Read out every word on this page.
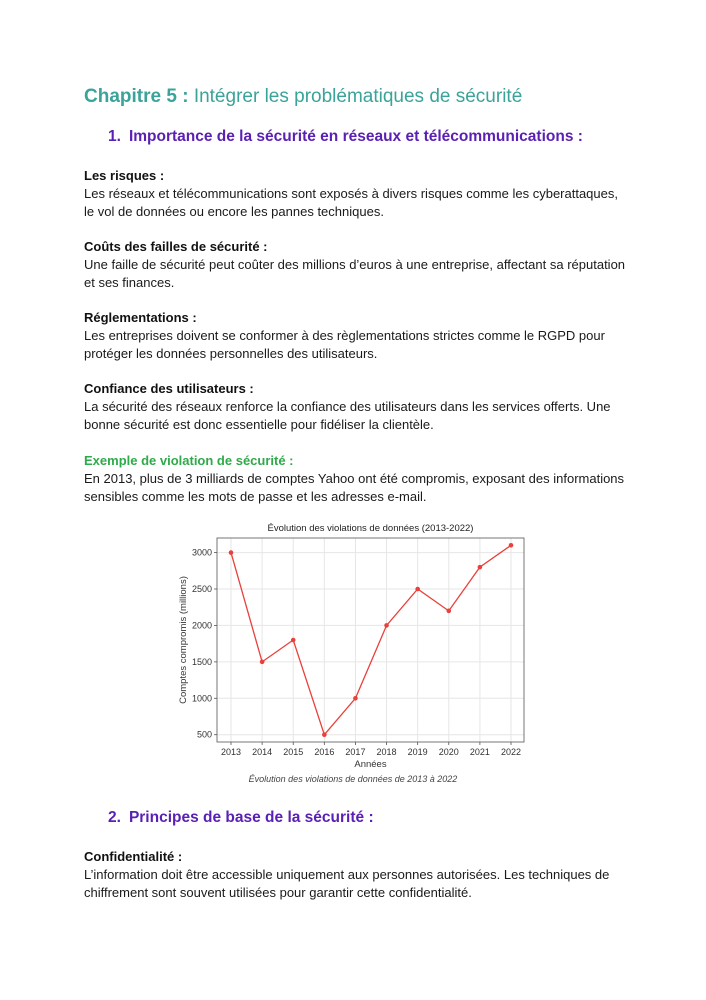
Chapitre 5 : Intégrer les problématiques de sécurité
1. Importance de la sécurité en réseaux et télécommunications :
Les risques :
Les réseaux et télécommunications sont exposés à divers risques comme les cyberattaques, le vol de données ou encore les pannes techniques.
Coûts des failles de sécurité :
Une faille de sécurité peut coûter des millions d’euros à une entreprise, affectant sa réputation et ses finances.
Réglementations :
Les entreprises doivent se conformer à des règlementations strictes comme le RGPD pour protéger les données personnelles des utilisateurs.
Confiance des utilisateurs :
La sécurité des réseaux renforce la confiance des utilisateurs dans les services offerts. Une bonne sécurité est donc essentielle pour fidéliser la clientèle.
Exemple de violation de sécurité :
En 2013, plus de 3 milliards de comptes Yahoo ont été compromis, exposant des informations sensibles comme les mots de passe et les adresses e-mail.
Évolution des violations de données (2013-2022)
500
1000
1500
2000
2500
3000
2013 2014 2015 2016 2017 2018 2019 2020 2021 2022
Années
Comptes compromis (millions)
Évolution des violations de données de 2013 à 2022
2. Principes de base de la sécurité :
Confidentialité :
L’information doit être accessible uniquement aux personnes autorisées. Les techniques de chiffrement sont souvent utilisées pour garantir cette confidentialité.
